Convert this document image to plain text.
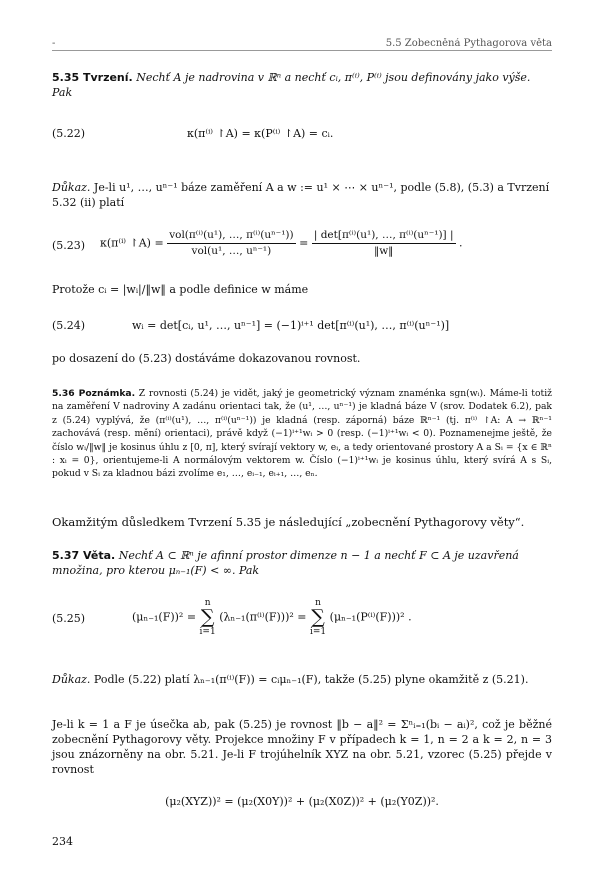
-	5.5 Zobecněná Pythagorova věta
5.35 Tvrzení. Nechť A je nadrovina v ℝⁿ a nechť cᵢ, π⁽ⁱ⁾, P⁽ⁱ⁾ jsou definovány jako výše. Pak
(5.22)	κ(π⁽ⁱ⁾ ↾A) = κ(P⁽ⁱ⁾ ↾A) = cᵢ.
Důkaz. Je-li u¹, …, uⁿ⁻¹ báze zaměření A a w := u¹ × ⋯ × uⁿ⁻¹, podle (5.8), (5.3) a Tvrzení 5.32 (ii) platí
(5.23) κ(π⁽ⁱ⁾ ↾A) = $\frac{\text{vol(π⁽ⁱ⁾(u¹), …, π⁽ⁱ⁾(uⁿ⁻¹))}}{\text{vol(u¹, …, uⁿ⁻¹)}} = \frac{\text{| det[π⁽ⁱ⁾(u¹), …, π⁽ⁱ⁾(uⁿ⁻¹)] |}}{‖w‖}$ .
Protože cᵢ = |wᵢ|/‖w‖ a podle definice w máme
(5.24)	wᵢ = det[cᵢ, u¹, …, uⁿ⁻¹] = (−1)ⁱ⁺¹ det[π⁽ⁱ⁾(u¹), …, π⁽ⁱ⁾(uⁿ⁻¹)]
po dosazení do (5.23) dostáváme dokazovanou rovnost.
5.36 Poznámka. Z rovnosti (5.24) je vidět, jaký je geometrický význam znaménka sgn(wᵢ). Máme-li totiž na zaměření V nadroviny A zadánu orientaci tak, že (u¹, …, uⁿ⁻¹) je kladná báze V (srov. Dodatek 6.2), pak z (5.24) vyplývá, že (π⁽ⁱ⁾(u¹), …, π⁽ⁱ⁾(uⁿ⁻¹)) je kladná (resp. záporná) báze ℝⁿ⁻¹ (tj. π⁽ⁱ⁾ ↾A: A → ℝⁿ⁻¹ zachovává (resp. mění) orientaci), právě když (−1)ⁱ⁺¹wᵢ > 0 (resp. (−1)ⁱ⁺¹wᵢ < 0). Poznamenejme ještě, že číslo wᵢ/‖w‖ je kosinus úhlu z [0, π], který svírají vektory w, eᵢ, a tedy orientované prostory A a Sᵢ = {x ∈ ℝⁿ : xᵢ = 0}, orientujeme-li A normálovým vektorem w. Číslo (−1)ⁱ⁺¹wᵢ je kosinus úhlu, který svírá A s Sᵢ, pokud v Sᵢ za kladnou bázi zvolíme e₁, …, eᵢ₋₁, eᵢ₊₁, …, eₙ.
Okamžitým důsledkem Tvrzení 5.35 je následující „zobecnění Pythagorovy věty“.
5.37 Věta. Nechť A ⊂ ℝⁿ je afinní prostor dimenze n − 1 a nechť F ⊂ A je uzavřená množina, pro kterou μₙ₋₁(F) < ∞. Pak
(5.25)	(μₙ₋₁(F))² = n
∑
i=1 (λₙ₋₁(π⁽ⁱ⁾(F)))² = n
∑
i=1 (μₙ₋₁(P⁽ⁱ⁾(F)))² .
Důkaz. Podle (5.22) platí λₙ₋₁(π⁽ⁱ⁾(F)) = cᵢμₙ₋₁(F), takže (5.25) plyne okamžitě z (5.21).
Je-li k = 1 a F je úsečka ab, pak (5.25) je rovnost ‖b − a‖² = Σⁿᵢ₌₁(bᵢ − aᵢ)², což je běžné zobecnění Pythagorovy věty. Projekce množiny F v případech k = 1, n = 2 a k = 2, n = 3 jsou znázorněny na obr. 5.21. Je-li F trojúhelník XYZ na obr. 5.21, vzorec (5.25) přejde v rovnost
(μ₂(XYZ))² = (μ₂(X0Y))² + (μ₂(X0Z))² + (μ₂(Y0Z))².
234
